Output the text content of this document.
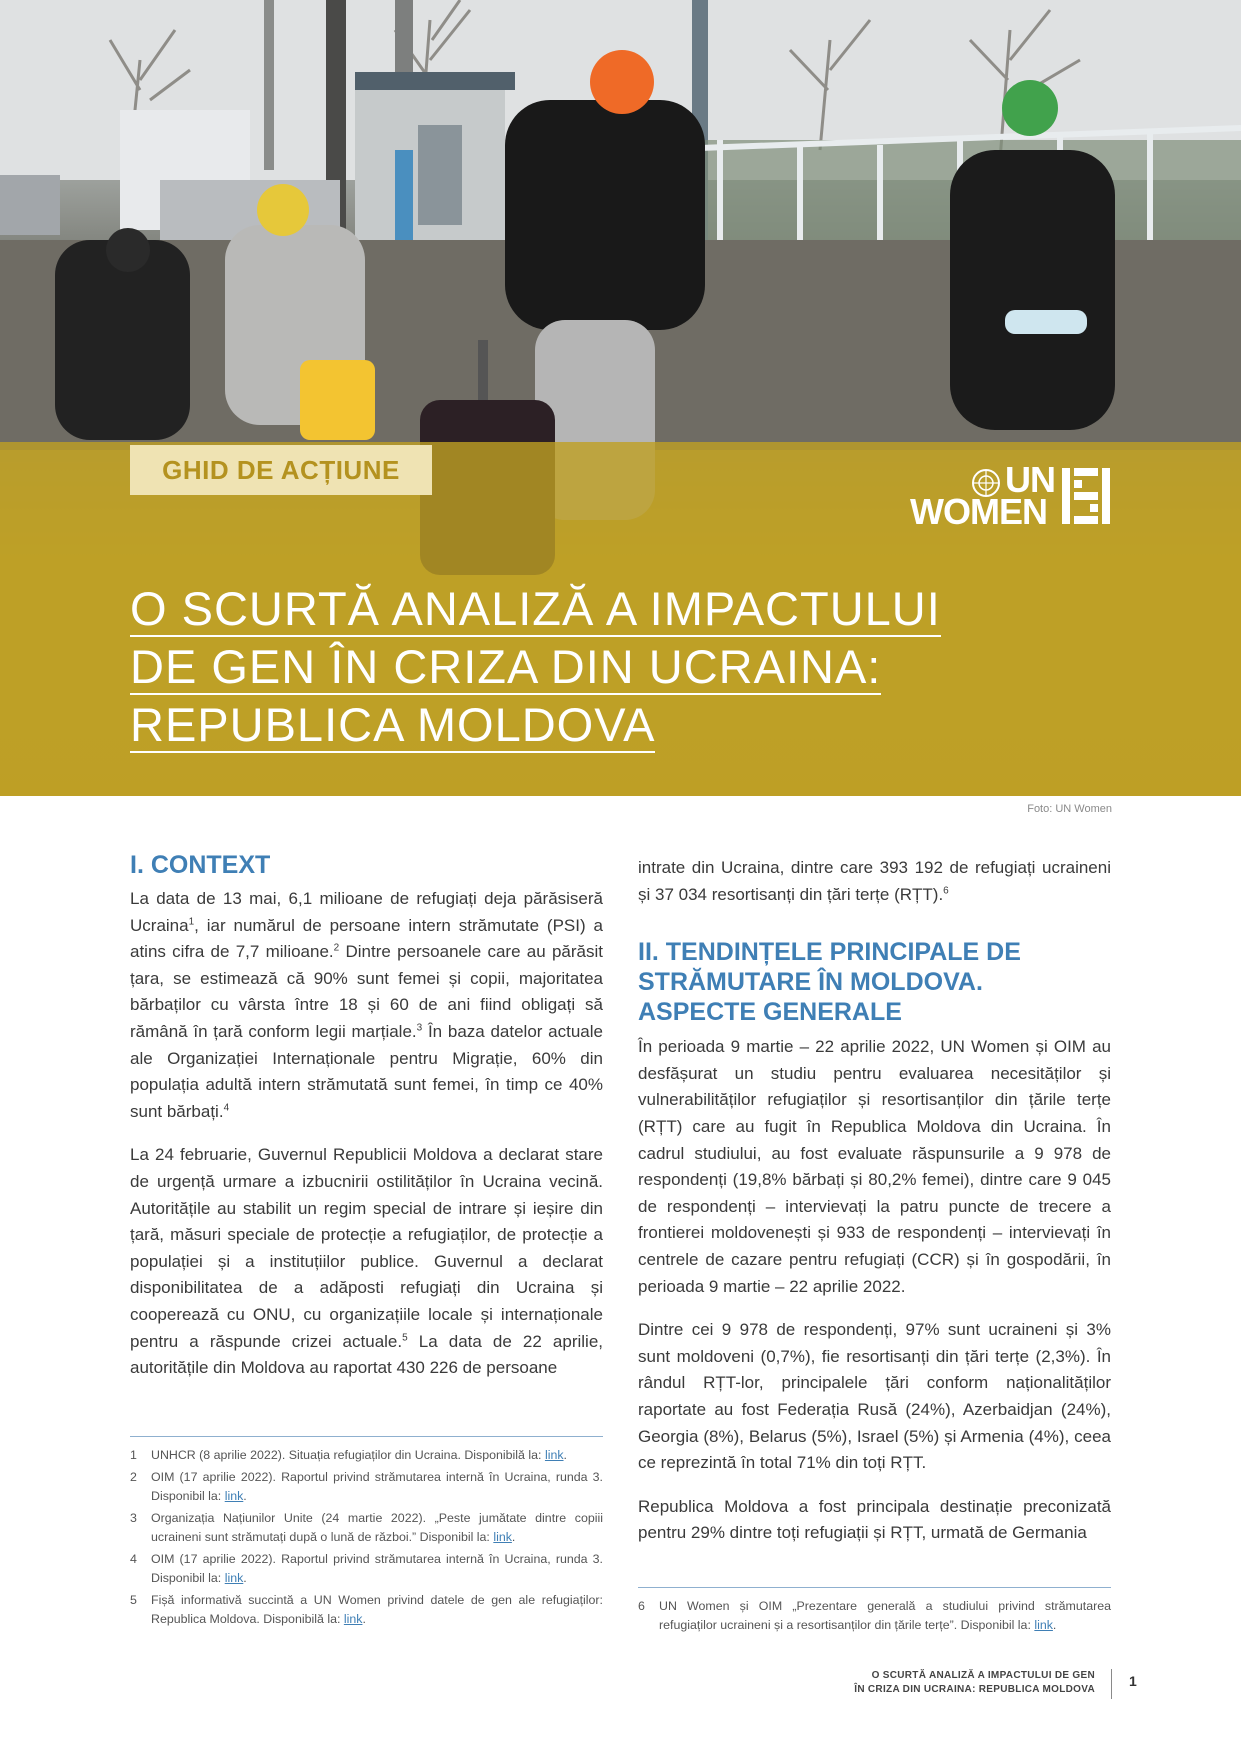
GHID DE ACȚIUNE	UN
WOMEN
O SCURTĂ ANALIZĂ A IMPACTULUI
DE GEN ÎN CRIZA DIN UCRAINA:
REPUBLICA MOLDOVA
Foto: UN Women
I. CONTEXT

La data de 13 mai, 6,1 milioane de refugiați deja părăsiseră Ucraina$^1$, iar numărul de persoane intern strămutate (PSI) a atins cifra de 7,7 milioane.$^2$ Dintre persoanele care au părăsit țara, se estimează că 90% sunt femei și copii, majoritatea bărbaților cu vârsta între 18 și 60 de ani fiind obligați să rămână în țară conform legii marțiale.$^3$ În baza datelor actuale ale Organizației Internaționale pentru Migrație, 60% din populația adultă intern strămutată sunt femei, în timp ce 40% sunt bărbați.$^4$

La 24 februarie, Guvernul Republicii Moldova a declarat stare de urgență urmare a izbucnirii ostilităților în Ucraina vecină. Autoritățile au stabilit un regim special de intrare și ieșire din țară, măsuri speciale de protecție a refugiaților, de protecție a populației și a instituțiilor publice. Guvernul a declarat disponibilitatea de a adăposti refugiați din Ucraina și cooperează cu ONU, cu organizațiile locale și internaționale pentru a răspunde crizei actuale.$^5$ La data de 22 aprilie, autoritățile din Moldova au raportat 430 226 de persoane

1 UNHCR (8 aprilie 2022). Situația refugiaților din Ucraina. Disponibilă la: link.
2 OIM (17 aprilie 2022). Raportul privind strămutarea internă în Ucraina, runda 3. Disponibil la: link.
3 Organizația Națiunilor Unite (24 martie 2022). „Peste jumătate dintre copiii ucraineni sunt strămutați după o lună de război.” Disponibil la: link.
4 OIM (17 aprilie 2022). Raportul privind strămutarea internă în Ucraina, runda 3. Disponibil la: link.
5 Fișă informativă succintă a UN Women privind datele de gen ale refugiaților: Republica Moldova. Disponibilă la: link.

intrate din Ucraina, dintre care 393 192 de refugiați ucraineni și 37 034 resortisanți din țări terțe (RȚT).$^6$

II. TENDINȚELE PRINCIPALE DE
STRĂMUTARE ÎN MOLDOVA.
ASPECTE GENERALE

În perioada 9 martie – 22 aprilie 2022, UN Women și OIM au desfășurat un studiu pentru evaluarea necesităților și vulnerabilităților refugiaților și resortisanților din țările terțe (RȚT) care au fugit în Republica Moldova din Ucraina. În cadrul studiului, au fost evaluate răspunsurile a 9 978 de respondenți (19,8% bărbați și 80,2% femei), dintre care 9 045 de respondenți – intervievați la patru puncte de trecere a frontierei moldovenești și 933 de respondenți – intervievați în centrele de cazare pentru refugiați (CCR) și în gospodării, în perioada 9 martie – 22 aprilie 2022.

Dintre cei 9 978 de respondenți, 97% sunt ucraineni și 3% sunt moldoveni (0,7%), fie resortisanți din țări terțe (2,3%). În rândul RȚT-lor, principalele țări conform naționalităților raportate au fost Federația Rusă (24%), Azerbaidjan (24%), Georgia (8%), Belarus (5%), Israel (5%) și Armenia (4%), ceea ce reprezintă în total 71% din toți RȚT.

Republica Moldova a fost principala destinație preconizată pentru 29% dintre toți refugiații și RȚT, urmată de Germania

6 UN Women și OIM „Prezentare generală a studiului privind strămutarea refugiaților ucraineni și a resortisanților din țările terțe”. Disponibil la: link.
O SCURTĂ ANALIZĂ A IMPACTULUI DE GEN
ÎN CRIZA DIN UCRAINA: REPUBLICA MOLDOVA
1
